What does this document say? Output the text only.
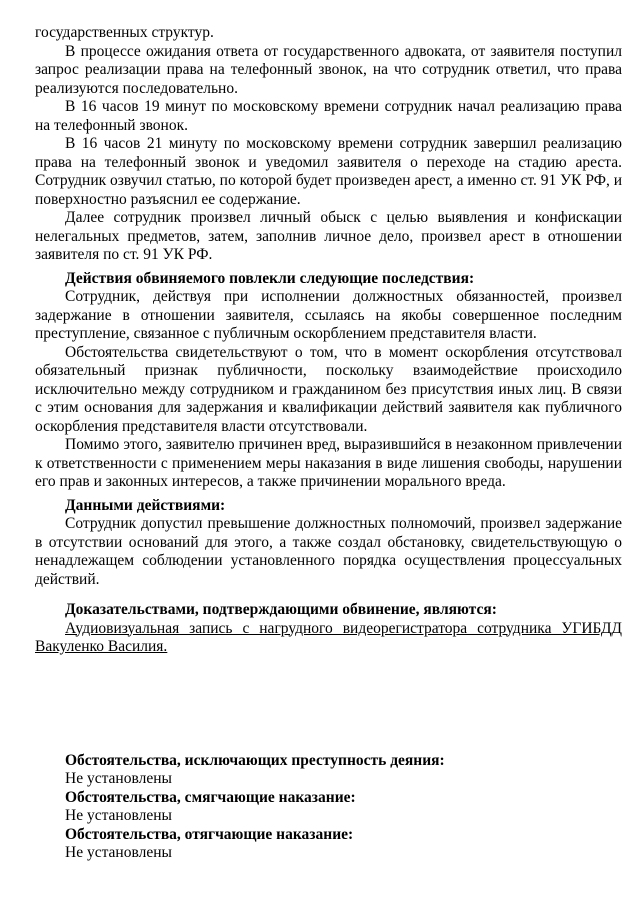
государственных структур.

В процессе ожидания ответа от государственного адвоката, от заявителя поступил запрос реализации права на телефонный звонок, на что сотрудник ответил, что права реализуются последовательно.

В 16 часов 19 минут по московскому времени сотрудник начал реализацию права на телефонный звонок.

В 16 часов 21 минуту по московскому времени сотрудник завершил реализацию права на телефонный звонок и уведомил заявителя о переходе на стадию ареста. Сотрудник озвучил статью, по которой будет произведен арест, а именно ст. 91 УК РФ, и поверхностно разъяснил ее содержание.

Далее сотрудник произвел личный обыск с целью выявления и конфискации нелегальных предметов, затем, заполнив личное дело, произвел арест в отношении заявителя по ст. 91 УК РФ.

Действия обвиняемого повлекли следующие последствия:

Сотрудник, действуя при исполнении должностных обязанностей, произвел задержание в отношении заявителя, ссылаясь на якобы совершенное последним преступление, связанное с публичным оскорблением представителя власти.

Обстоятельства свидетельствуют о том, что в момент оскорбления отсутствовал обязательный признак публичности, поскольку взаимодействие происходило исключительно между сотрудником и гражданином без присутствия иных лиц. В связи с этим основания для задержания и квалификации действий заявителя как публичного оскорбления представителя власти отсутствовали.

Помимо этого, заявителю причинен вред, выразившийся в незаконном привлечении к ответственности с применением меры наказания в виде лишения свободы, нарушении его прав и законных интересов, а также причинении морального вреда.

Данными действиями:

Сотрудник допустил превышение должностных полномочий, произвел задержание в отсутствии оснований для этого, а также создал обстановку, свидетельствующую о ненадлежащем соблюдении установленного порядка осуществления процессуальных действий.

Доказательствами, подтверждающими обвинение, являются:

Аудиовизуальная запись с нагрудного видеорегистратора сотрудника УГИБДД Вакуленко Василия.

Обстоятельства, исключающих преступность деяния:

Не установлены

Обстоятельства, смягчающие наказание:

Не установлены

Обстоятельства, отягчающие наказание:

Не установлены
